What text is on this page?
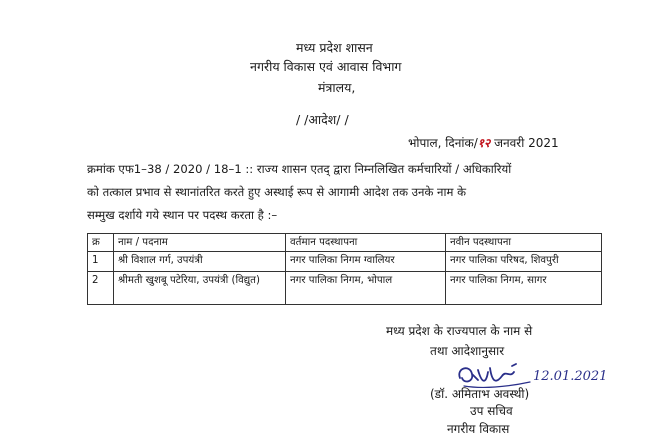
मध्य प्रदेश शासन
नगरीय विकास एवं आवास विभाग
मंत्रालय,
/ /आदेश/ /
भोपाल, दिनांक/१२ जनवरी 2021
क्रमांक एफ1–38 / 2020 / 18–1 :: राज्य शासन एतद् द्वारा निम्नलिखित कर्मचारियों / अधिकारियों
को तत्काल प्रभाव से स्थानांतरित करते हुए अस्थाई रूप से आगामी आदेश तक उनके नाम के
सम्मुख दर्शाये गये स्थान पर पदस्थ करता है :–
क्र	नाम / पदनाम	वर्तमान पदस्थापना	नवीन पदस्थापना
1	श्री विशाल गर्ग, उपयंत्री	नगर पालिका निगम ग्वालियर	नगर पालिका परिषद, शिवपुरी
2	श्रीमती खुशबू पटेरिया, उपयंत्री (विद्युत)	नगर पालिका निगम, भोपाल	नगर पालिका निगम, सागर
मध्य प्रदेश के राज्यपाल के नाम से
तथा आदेशानुसार
12.01.2021
(डॉ. अमिताभ अवस्थी)
उप सचिव
नगरीय विकास
